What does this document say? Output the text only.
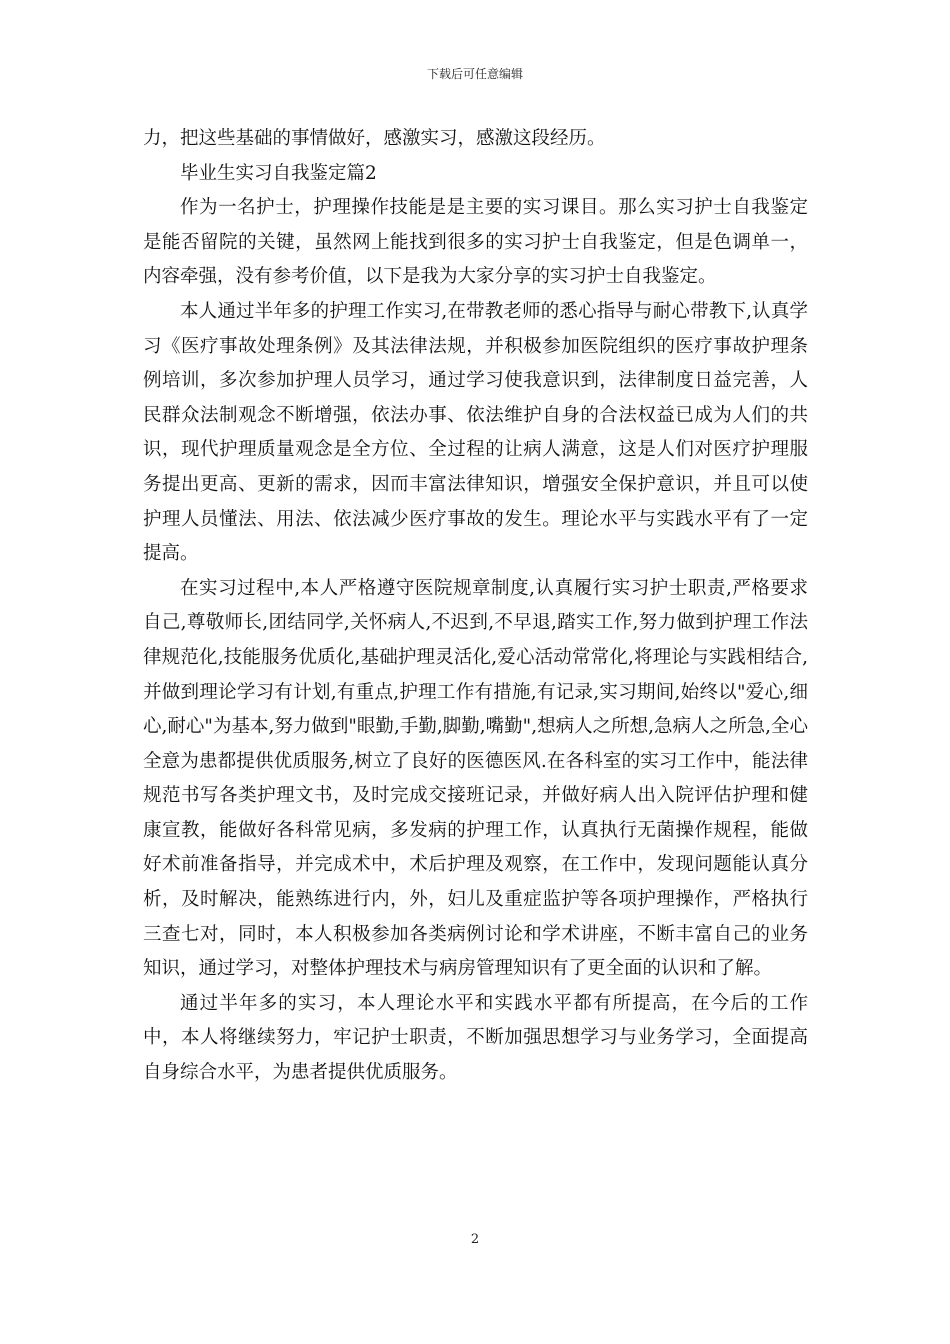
下载后可任意编辑

力，把这些基础的事情做好，感激实习，感激这段经历。

毕业生实习自我鉴定篇2

作为一名护士，护理操作技能是是主要的实习课目。那么实习护士自我鉴定是能否留院的关键，虽然网上能找到很多的实习护士自我鉴定，但是色调单一，内容牵强，没有参考价值，以下是我为大家分享的实习护士自我鉴定。

本人通过半年多的护理工作实习,在带教老师的悉心指导与耐心带教下,认真学习《医疗事故处理条例》及其法律法规，并积极参加医院组织的医疗事故护理条例培训，多次参加护理人员学习，通过学习使我意识到，法律制度日益完善，人民群众法制观念不断增强，依法办事、依法维护自身的合法权益已成为人们的共识，现代护理质量观念是全方位、全过程的让病人满意，这是人们对医疗护理服务提出更高、更新的需求，因而丰富法律知识，增强安全保护意识，并且可以使护理人员懂法、用法、依法减少医疗事故的发生。理论水平与实践水平有了一定提高。

在实习过程中,本人严格遵守医院规章制度,认真履行实习护士职责,严格要求自己,尊敬师长,团结同学,关怀病人,不迟到,不早退,踏实工作,努力做到护理工作法律规范化,技能服务优质化,基础护理灵活化,爱心活动常常化,将理论与实践相结合,并做到理论学习有计划,有重点,护理工作有措施,有记录,实习期间,始终以"爱心,细心,耐心"为基本,努力做到"眼勤,手勤,脚勤,嘴勤",想病人之所想,急病人之所急,全心全意为患都提供优质服务,树立了良好的医德医风.在各科室的实习工作中，能法律规范书写各类护理文书，及时完成交接班记录，并做好病人出入院评估护理和健康宣教，能做好各科常见病，多发病的护理工作，认真执行无菌操作规程，能做好术前准备指导，并完成术中，术后护理及观察，在工作中，发现问题能认真分析，及时解决，能熟练进行内，外，妇儿及重症监护等各项护理操作，严格执行三查七对，同时，本人积极参加各类病例讨论和学术讲座，不断丰富自己的业务知识，通过学习，对整体护理技术与病房管理知识有了更全面的认识和了解。

通过半年多的实习，本人理论水平和实践水平都有所提高，在今后的工作中，本人将继续努力，牢记护士职责，不断加强思想学习与业务学习，全面提高自身综合水平，为患者提供优质服务。

2
